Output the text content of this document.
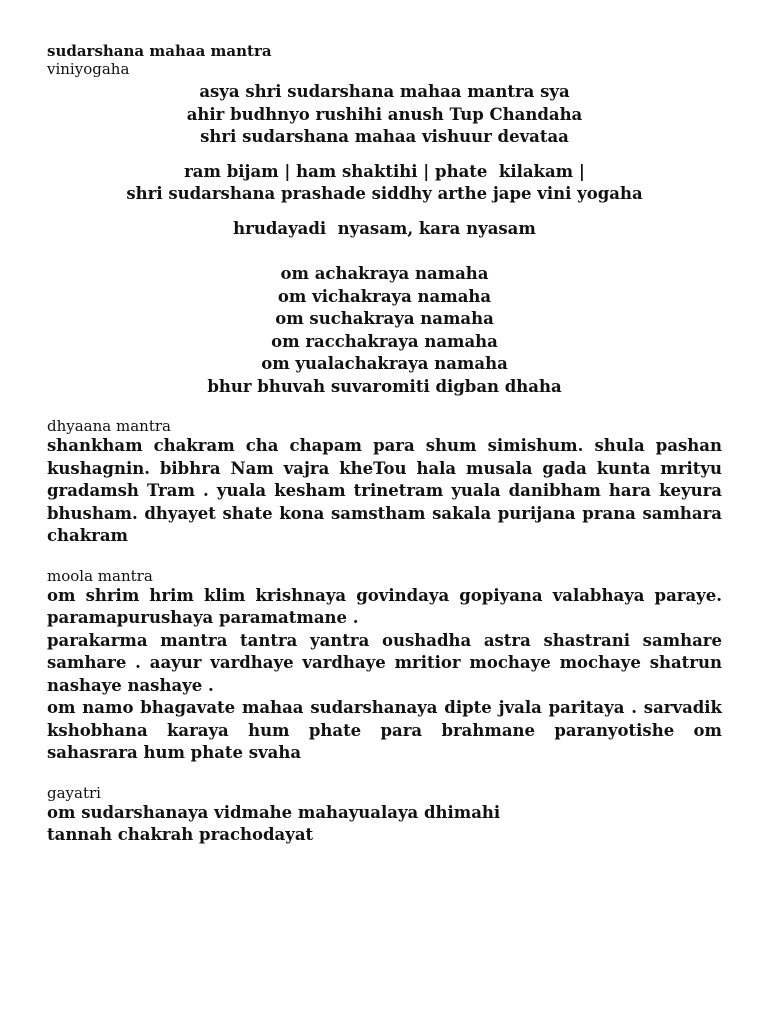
sudarshana mahaa mantra

viniyogaha

asya shri sudarshana mahaa mantra sya
ahir budhnyo rushihi anush Tup Chandaha
shri sudarshana mahaa vishuur devataa
ram bijam | ham shaktihi | phate  kilakam |
shri sudarshana prashade siddhy arthe jape vini yogaha
hrudayadi  nyasam, kara nyasam
om achakraya namaha
om vichakraya namaha
om suchakraya namaha
om racchakraya namaha
om yualachakraya namaha
bhur bhuvah suvaromiti digban dhaha

dhyaana mantra

shankham chakram cha chapam para shum simishum. shula pashan kushagnin. bibhra Nam vajra kheTou hala musala gada kunta mrityu gradamsh Tram . yuala kesham trinetram yuala danibham hara keyura bhusham. dhyayet shate kona samstham sakala purijana prana samhara chakram

moola mantra

om shrim hrim klim krishnaya govindaya gopiyana valabhaya paraye. paramapurushaya paramatmane .

parakarma mantra tantra yantra oushadha astra shastrani samhare samhare . aayur vardhaye vardhaye mritior mochaye mochaye shatrun nashaye nashaye .

om namo bhagavate mahaa sudarshanaya dipte jvala paritaya . sarvadik kshobhana karaya hum phate para brahmane paranyotishe om sahasrara hum phate svaha

gayatri

om sudarshanaya vidmahe mahayualaya dhimahi
tannah chakrah prachodayat
